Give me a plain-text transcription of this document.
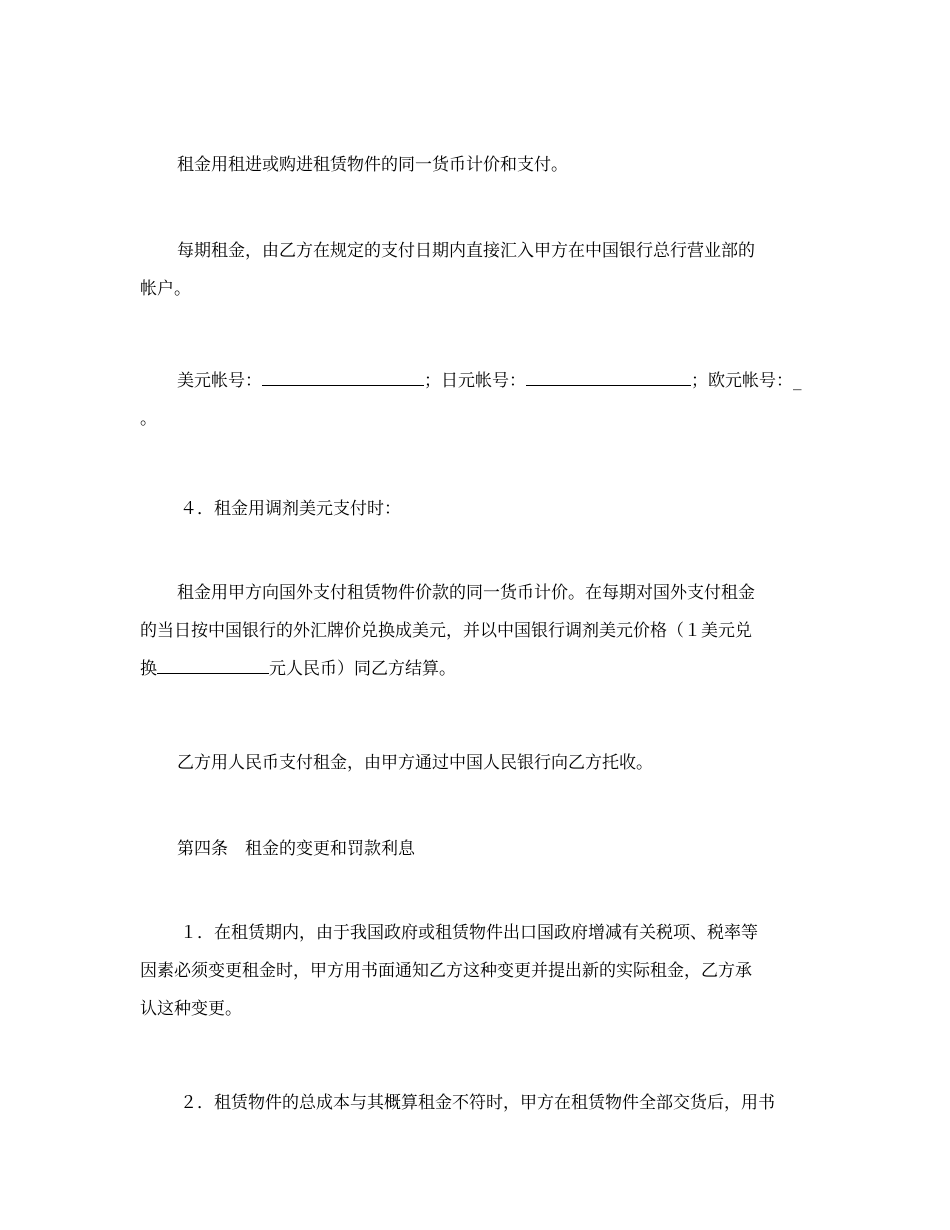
租金用租进或购进租赁物件的同一货币计价和支付。

每期租金，由乙方在规定的支付日期内直接汇入甲方在中国银行总行营业部的
帐户。

美元帐号：	；日元帐号：	；欧元帐号：_
。

４．租金用调剂美元支付时：

租金用甲方向国外支付租赁物件价款的同一货币计价。在每期对国外支付租金
的当日按中国银行的外汇牌价兑换成美元，并以中国银行调剂美元价格（１美元兑
换	元人民币）同乙方结算。

乙方用人民币支付租金，由甲方通过中国人民银行向乙方托收。

第四条　租金的变更和罚款利息

１．在租赁期内，由于我国政府或租赁物件出口国政府增减有关税项、税率等
因素必须变更租金时，甲方用书面通知乙方这种变更并提出新的实际租金，乙方承
认这种变更。

２．租赁物件的总成本与其概算租金不符时，甲方在租赁物件全部交货后，用书
